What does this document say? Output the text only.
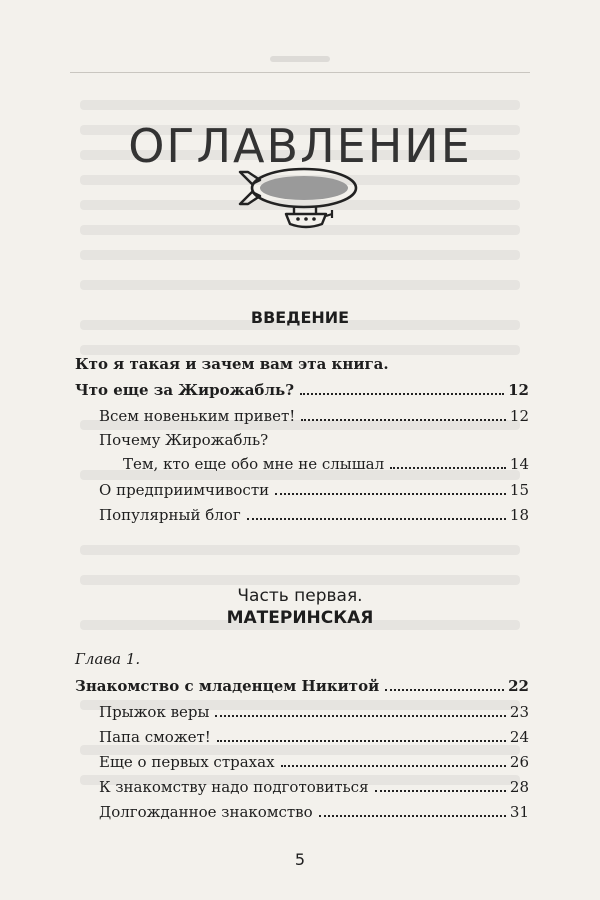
ОГЛАВЛЕНИЕ
ВВЕДЕНИЕ
Кто я такая и зачем вам эта книга.
Что еще за Жирожабль?	12
Всем новеньким привет!	12
Почему Жирожабль?
Тем, кто еще обо мне не слышал	14
О предприимчивости	15
Популярный блог	18
Часть первая.
МАТЕРИНСКАЯ
Глава 1.
Знакомство с младенцем Никитой	22
Прыжок веры	23
Папа сможет!	24
Еще о первых страхах	26
К знакомству надо подготовиться	28
Долгожданное знакомство	31
5
